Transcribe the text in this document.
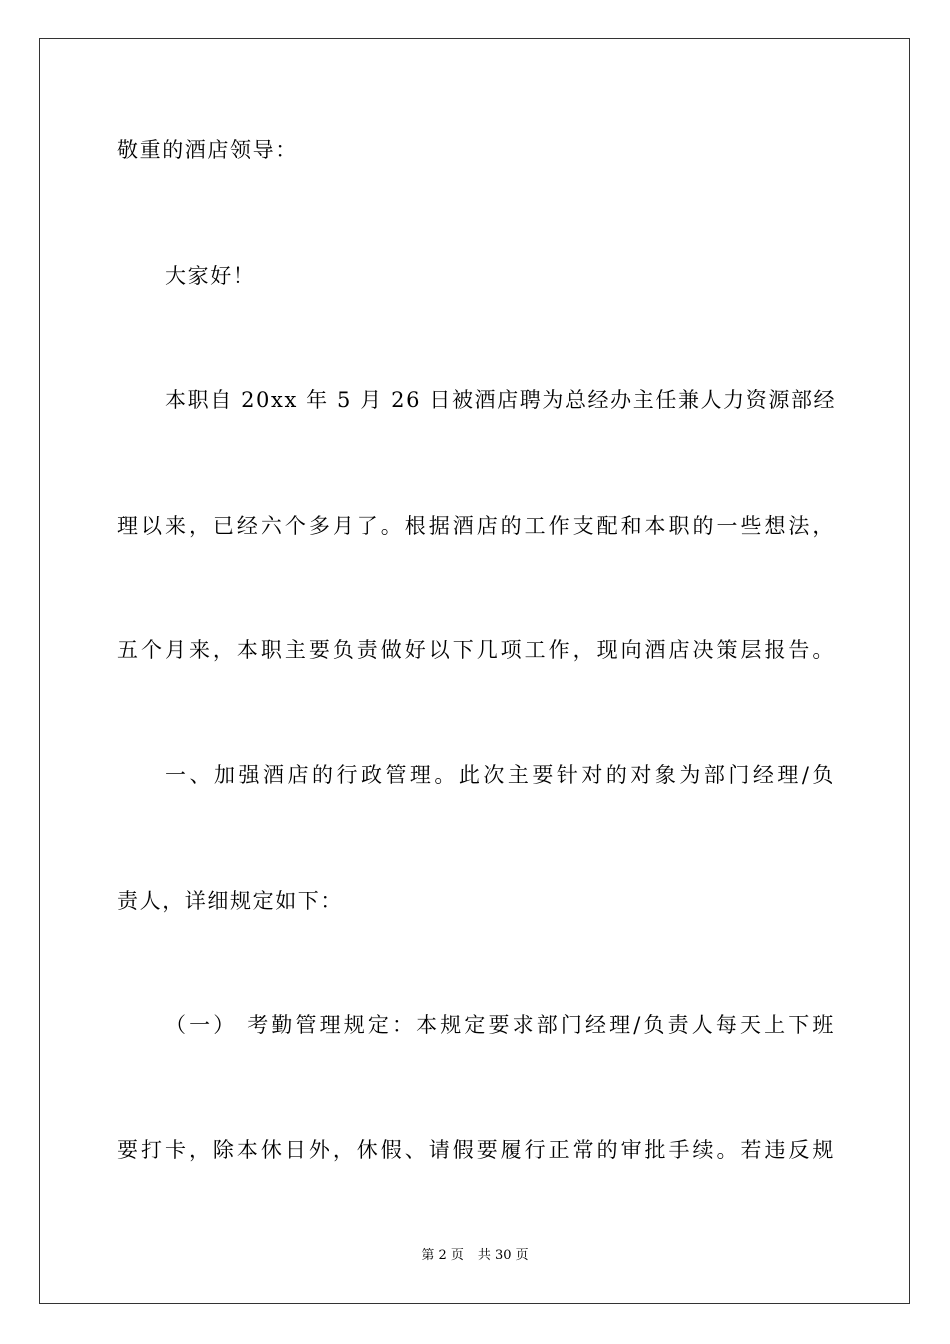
敬重的酒店领导：
大家好！
本职自 20xx 年 5 月 26 日被酒店聘为总经办主任兼人力资源部经
理以来，已经六个多月了。根据酒店的工作支配和本职的一些想法，
五个月来，本职主要负责做好以下几项工作，现向酒店决策层报告。
一、加强酒店的行政管理。此次主要针对的对象为部门经理/负
责人，详细规定如下：
（一） 考勤管理规定：本规定要求部门经理/负责人每天上下班
要打卡，除本休日外，休假、请假要履行正常的审批手续。若违反规
第 2 页 共 30 页
